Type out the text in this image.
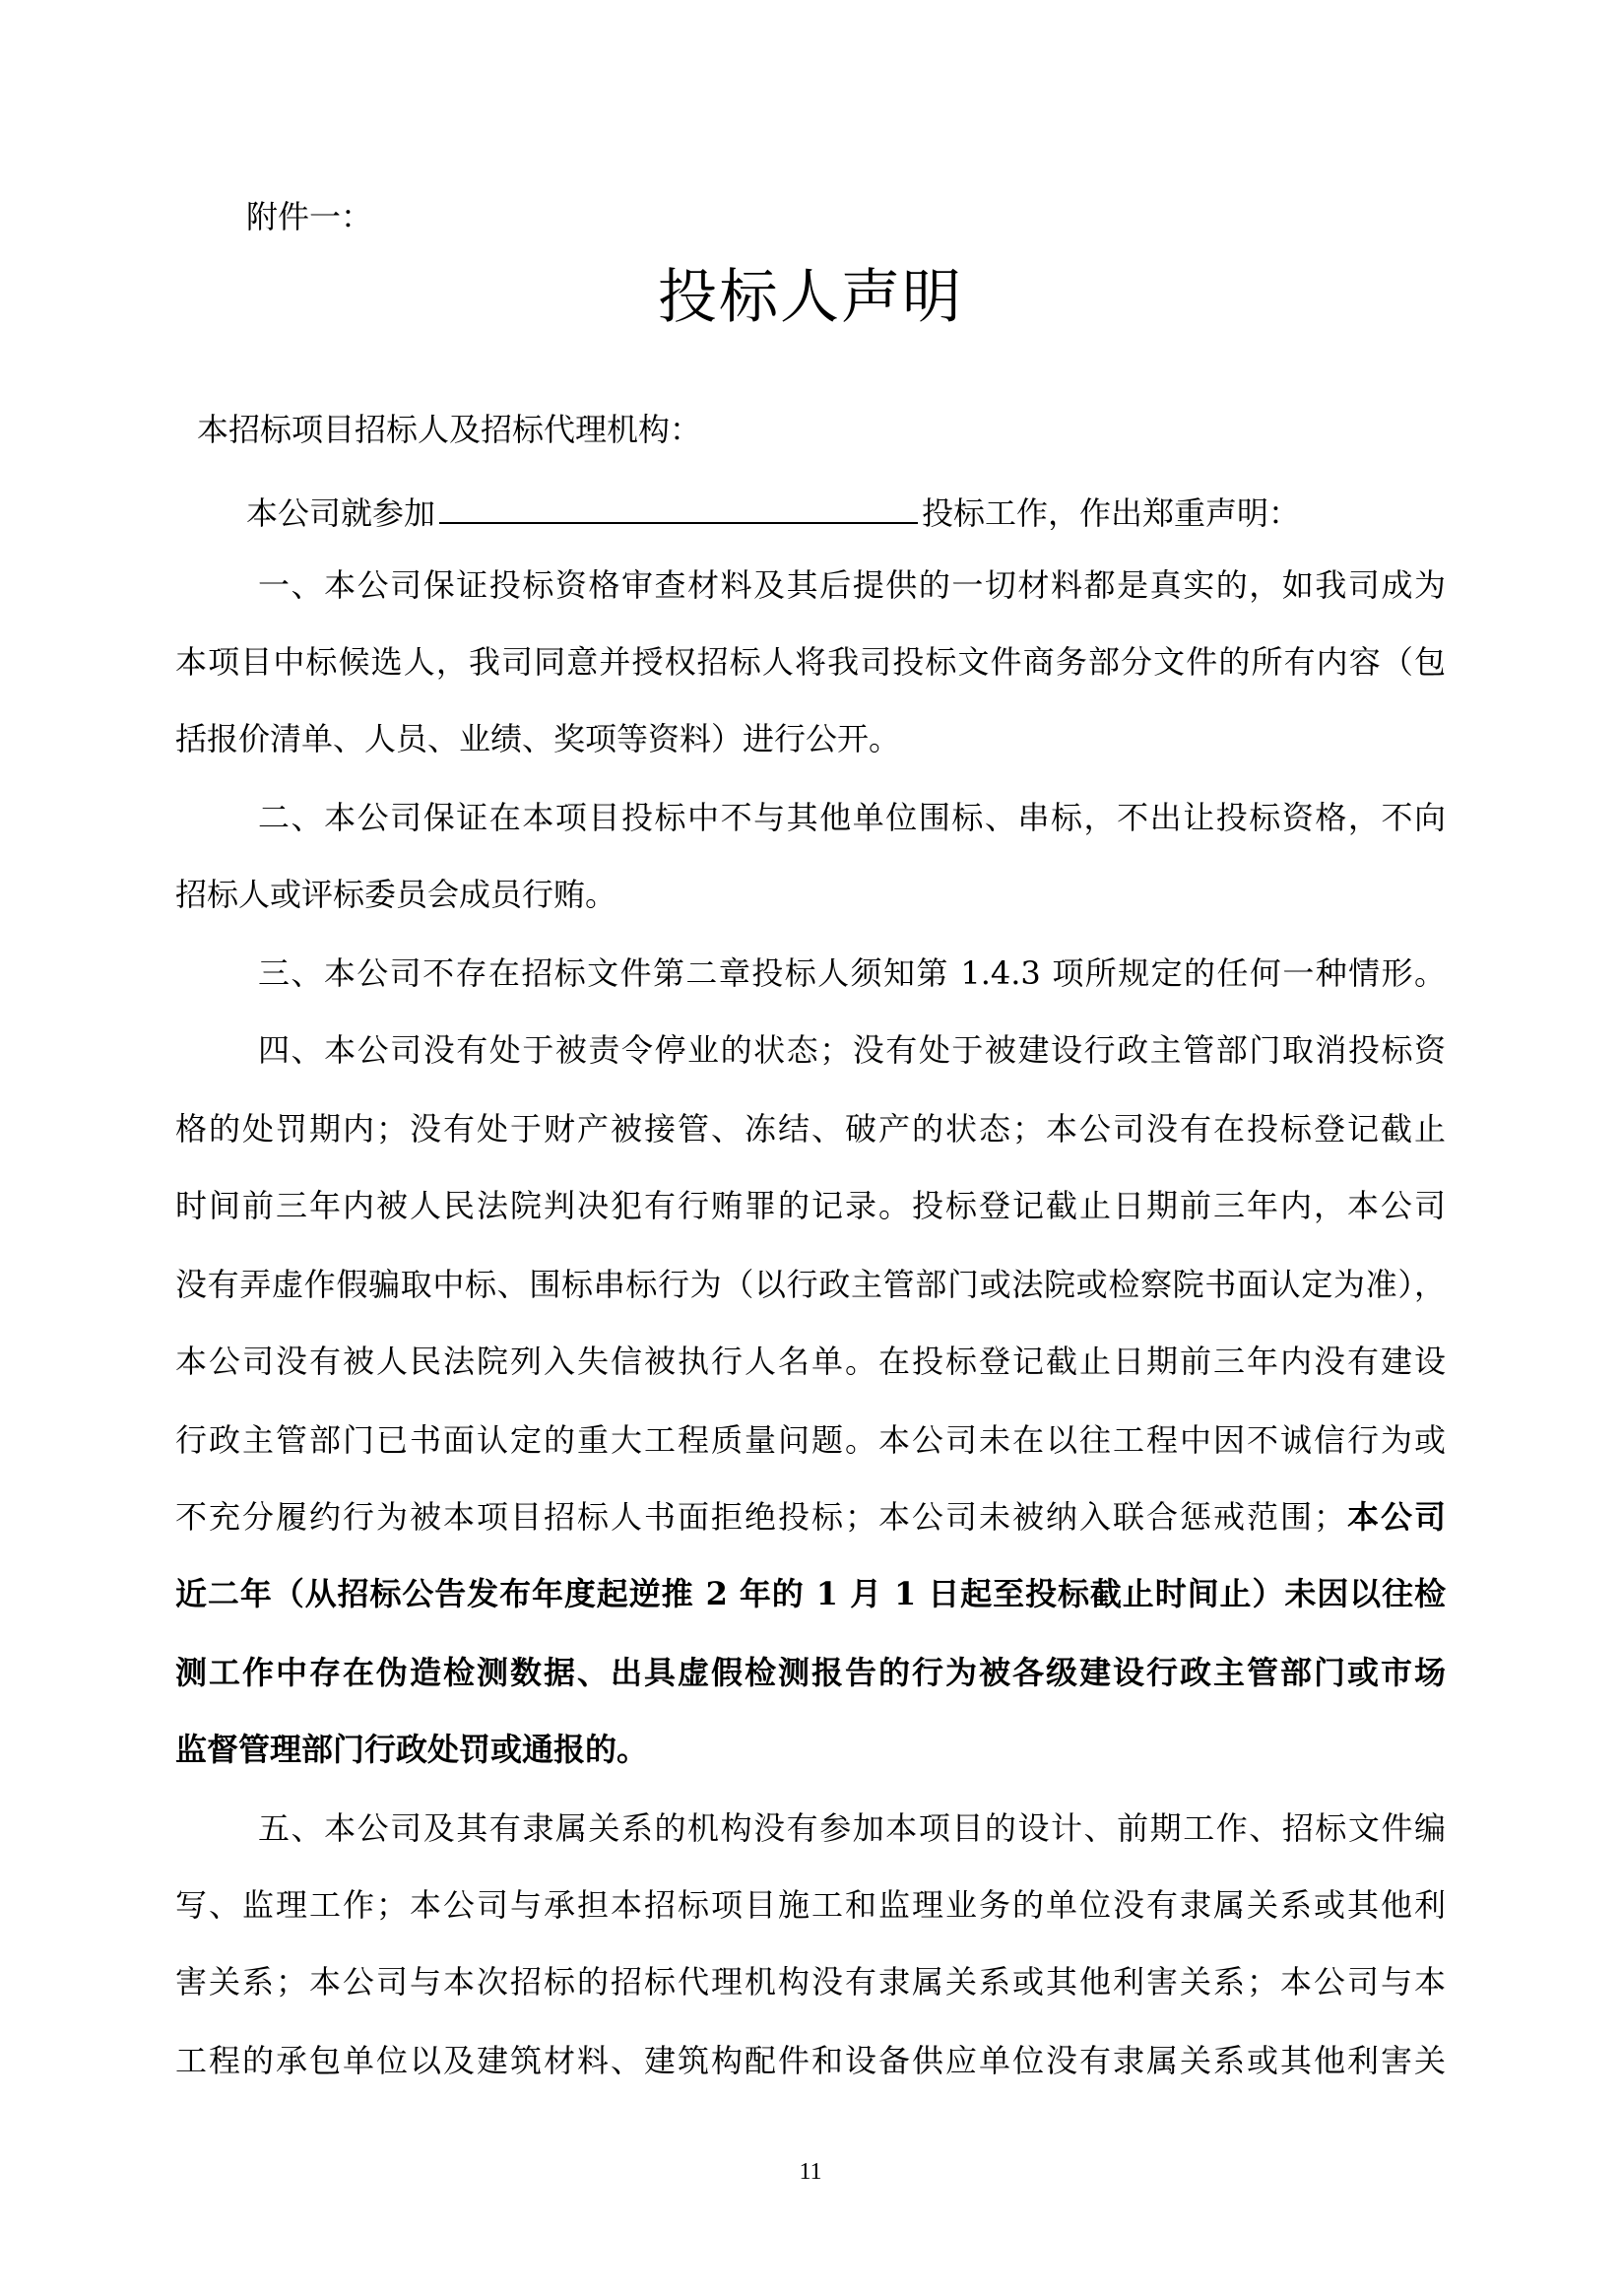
附件一：
投标人声明
本招标项目招标人及招标代理机构：
本公司就参加	投标工作，作出郑重声明：
一、本公司保证投标资格审查材料及其后提供的一切材料都是真实的，如我司成为
本项目中标候选人，我司同意并授权招标人将我司投标文件商务部分文件的所有内容（包
括报价清单、人员、业绩、奖项等资料）进行公开。
二、本公司保证在本项目投标中不与其他单位围标、串标，不出让投标资格，不向
招标人或评标委员会成员行贿。
三、本公司不存在招标文件第二章投标人须知第 1.4.3 项所规定的任何一种情形。
四、本公司没有处于被责令停业的状态；没有处于被建设行政主管部门取消投标资
格的处罚期内；没有处于财产被接管、冻结、破产的状态；本公司没有在投标登记截止
时间前三年内被人民法院判决犯有行贿罪的记录。投标登记截止日期前三年内，本公司
没有弄虚作假骗取中标、围标串标行为（以行政主管部门或法院或检察院书面认定为准），
本公司没有被人民法院列入失信被执行人名单。在投标登记截止日期前三年内没有建设
行政主管部门已书面认定的重大工程质量问题。本公司未在以往工程中因不诚信行为或
不充分履约行为被本项目招标人书面拒绝投标；本公司未被纳入联合惩戒范围；本公司
近二年（从招标公告发布年度起逆推 2 年的 1 月 1 日起至投标截止时间止）未因以往检
测工作中存在伪造检测数据、出具虚假检测报告的行为被各级建设行政主管部门或市场
监督管理部门行政处罚或通报的。
五、本公司及其有隶属关系的机构没有参加本项目的设计、前期工作、招标文件编
写、监理工作；本公司与承担本招标项目施工和监理业务的单位没有隶属关系或其他利
害关系；本公司与本次招标的招标代理机构没有隶属关系或其他利害关系；本公司与本
工程的承包单位以及建筑材料、建筑构配件和设备供应单位没有隶属关系或其他利害关
11
